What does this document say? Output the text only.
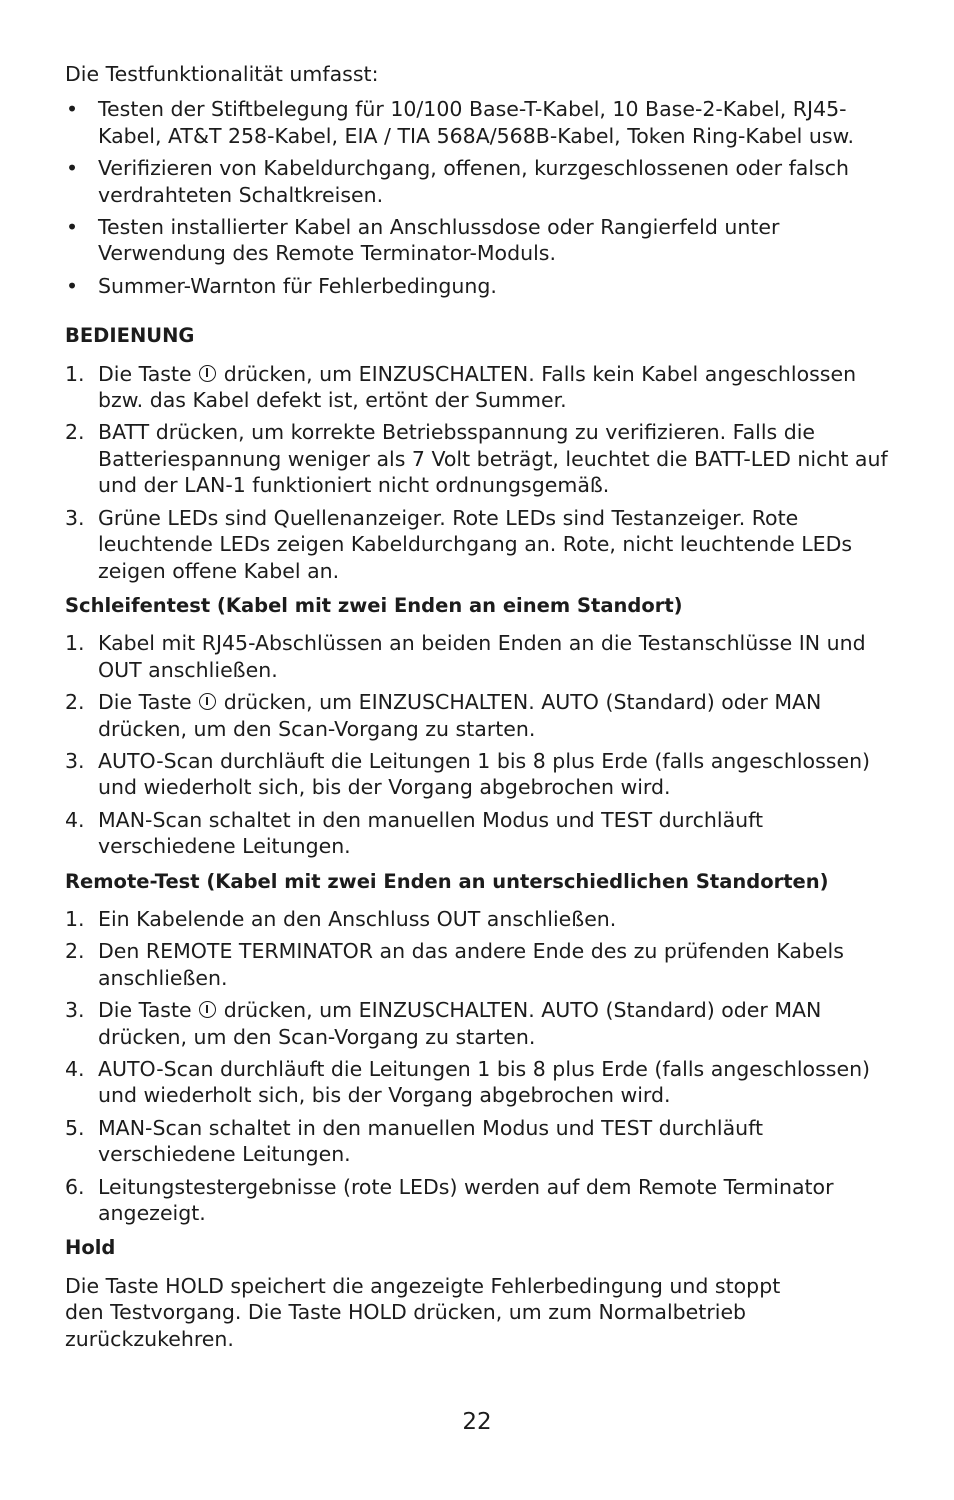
Die Testfunktionalität umfasst:

• Testen der Stiftbelegung für 10/100 Base-T-Kabel, 10 Base-2-Kabel, RJ45-Kabel, AT&T 258-Kabel, EIA / TIA 568A/568B-Kabel, Token Ring-Kabel usw.
• Verifizieren von Kabeldurchgang, offenen, kurzgeschlossenen oder falsch verdrahteten Schaltkreisen.
• Testen installierter Kabel an Anschlussdose oder Rangierfeld unter Verwendung des Remote Terminator-Moduls.
• Summer-Warnton für Fehlerbedingung.

BEDIENUNG

1. Die Taste drücken, um EINZUSCHALTEN. Falls kein Kabel angeschlossen bzw. das Kabel defekt ist, ertönt der Summer.
2. BATT drücken, um korrekte Betriebsspannung zu verifizieren. Falls die Batteriespannung weniger als 7 Volt beträgt, leuchtet die BATT-LED nicht auf und der LAN-1 funktioniert nicht ordnungsgemäß.
3. Grüne LEDs sind Quellenanzeiger. Rote LEDs sind Testanzeiger. Rote leuchtende LEDs zeigen Kabeldurchgang an. Rote, nicht leuchtende LEDs zeigen offene Kabel an.

Schleifentest (Kabel mit zwei Enden an einem Standort)

1. Kabel mit RJ45-Abschlüssen an beiden Enden an die Testanschlüsse IN und OUT anschließen.
2. Die Taste drücken, um EINZUSCHALTEN. AUTO (Standard) oder MAN drücken, um den Scan-Vorgang zu starten.
3. AUTO-Scan durchläuft die Leitungen 1 bis 8 plus Erde (falls angeschlossen) und wiederholt sich, bis der Vorgang abgebrochen wird.
4. MAN-Scan schaltet in den manuellen Modus und TEST durchläuft verschiedene Leitungen.

Remote-Test (Kabel mit zwei Enden an unterschiedlichen Standorten)

1. Ein Kabelende an den Anschluss OUT anschließen.
2. Den REMOTE TERMINATOR an das andere Ende des zu prüfenden Kabels anschließen.
3. Die Taste drücken, um EINZUSCHALTEN. AUTO (Standard) oder MAN drücken, um den Scan-Vorgang zu starten.
4. AUTO-Scan durchläuft die Leitungen 1 bis 8 plus Erde (falls angeschlossen) und wiederholt sich, bis der Vorgang abgebrochen wird.
5. MAN-Scan schaltet in den manuellen Modus und TEST durchläuft verschiedene Leitungen.
6. Leitungstestergebnisse (rote LEDs) werden auf dem Remote Terminator angezeigt.

Hold

Die Taste HOLD speichert die angezeigte Fehlerbedingung und stoppt den Testvorgang. Die Taste HOLD drücken, um zum Normalbetrieb zurückzukehren.

22
